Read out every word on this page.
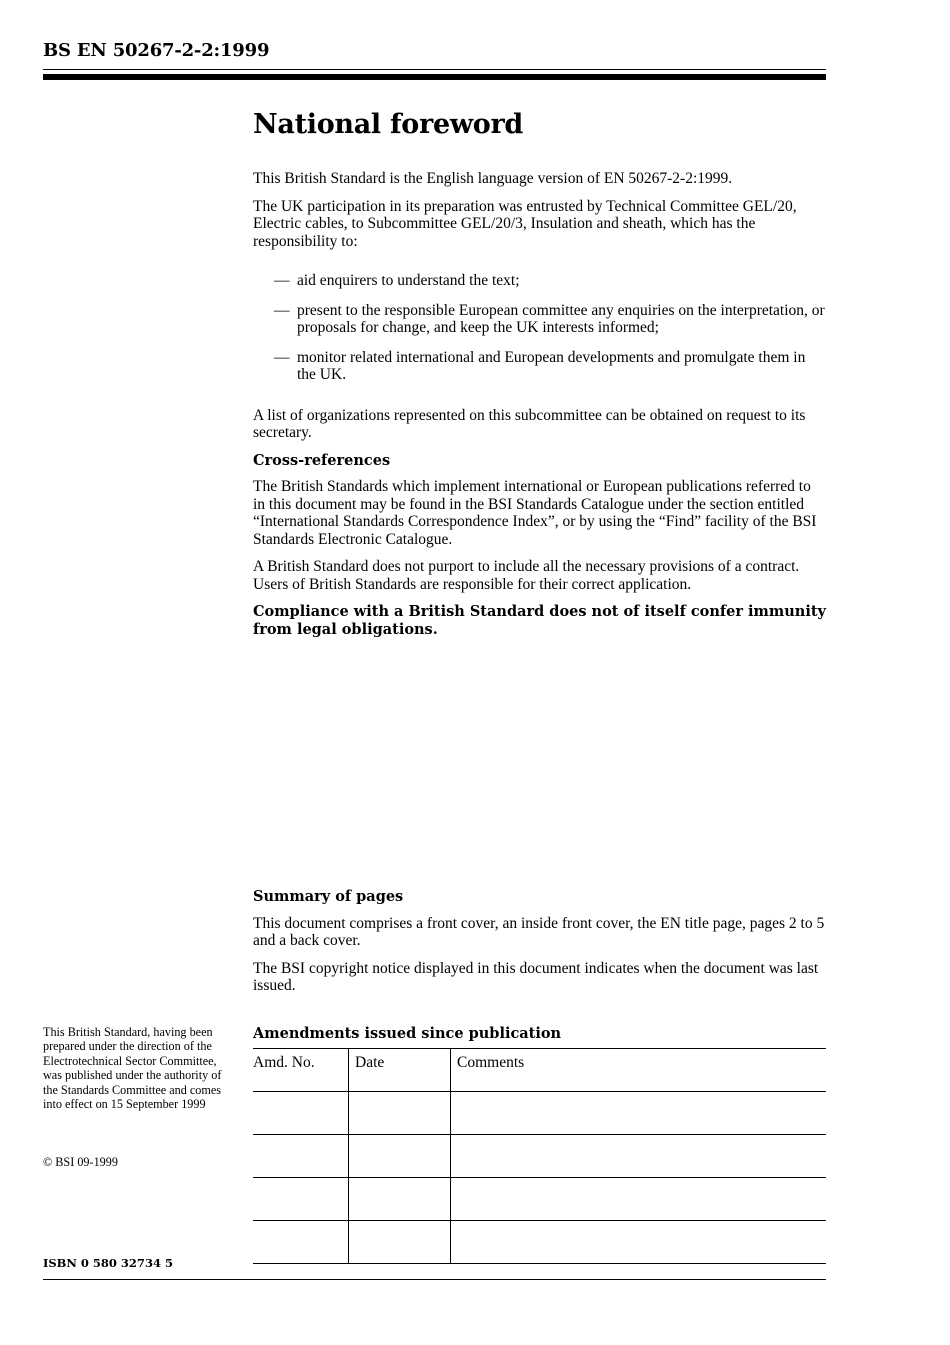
BS EN 50267-2-2:1999
National foreword

This British Standard is the English language version of EN 50267-2-2:1999.

The UK participation in its preparation was entrusted by Technical Committee GEL/20, Electric cables, to Subcommittee GEL/20/3, Insulation and sheath, which has the responsibility to:

— aid enquirers to understand the text;
— present to the responsible European committee any enquiries on the interpretation, or proposals for change, and keep the UK interests informed;
— monitor related international and European developments and promulgate them in the UK.

A list of organizations represented on this subcommittee can be obtained on request to its secretary.

Cross-references

The British Standards which implement international or European publications referred to in this document may be found in the BSI Standards Catalogue under the section entitled “International Standards Correspondence Index”, or by using the “Find” facility of the BSI Standards Electronic Catalogue.

A British Standard does not purport to include all the necessary provisions of a contract. Users of British Standards are responsible for their correct application.

Compliance with a British Standard does not of itself confer immunity from legal obligations.

Summary of pages

This document comprises a front cover, an inside front cover, the EN title page, pages 2 to 5 and a back cover.

The BSI copyright notice displayed in this document indicates when the document was last issued.

This British Standard, having been prepared under the direction of the Electrotechnical Sector Committee, was published under the authority of the Standards Committee and comes into effect on 15 September 1999
© BSI 09-1999
ISBN 0 580 32734 5
Amendments issued since publication
Amd. No.	Date	Comments
